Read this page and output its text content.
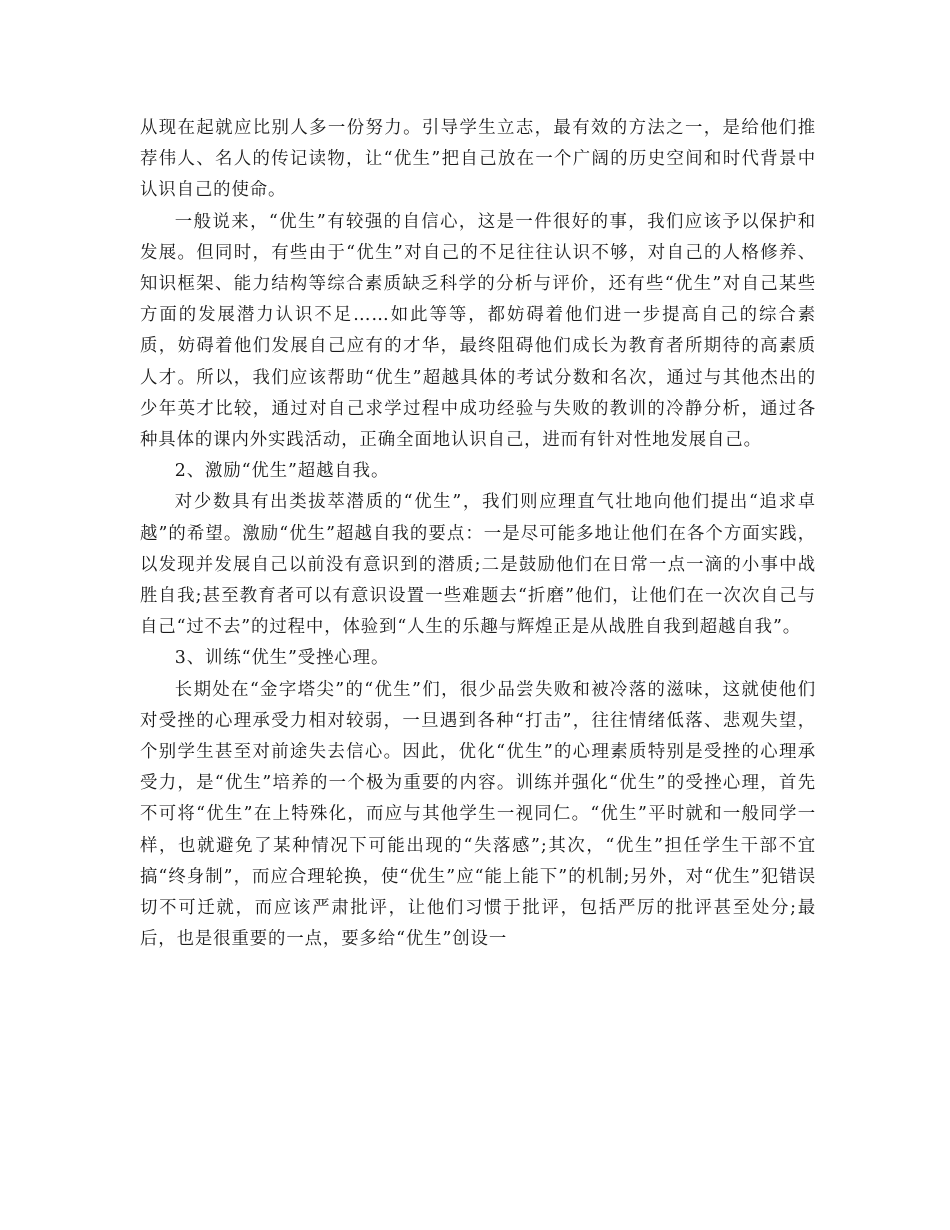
从现在起就应比别人多一份努力。引导学生立志，最有效的方法之一，是给他们推荐伟人、名人的传记读物，让“优生”把自己放在一个广阔的历史空间和时代背景中认识自己的使命。

一般说来，“优生”有较强的自信心，这是一件很好的事，我们应该予以保护和发展。但同时，有些由于“优生”对自己的不足往往认识不够，对自己的人格修养、知识框架、能力结构等综合素质缺乏科学的分析与评价，还有些“优生”对自己某些方面的发展潜力认识不足……如此等等，都妨碍着他们进一步提高自己的综合素质，妨碍着他们发展自己应有的才华，最终阻碍他们成长为教育者所期待的高素质人才。所以，我们应该帮助“优生”超越具体的考试分数和名次，通过与其他杰出的少年英才比较，通过对自己求学过程中成功经验与失败的教训的冷静分析，通过各种具体的课内外实践活动，正确全面地认识自己，进而有针对性地发展自己。

2、激励“优生”超越自我。

对少数具有出类拔萃潜质的“优生”，我们则应理直气壮地向他们提出“追求卓越”的希望。激励“优生”超越自我的要点：一是尽可能多地让他们在各个方面实践，以发现并发展自己以前没有意识到的潜质;二是鼓励他们在日常一点一滴的小事中战胜自我;甚至教育者可以有意识设置一些难题去“折磨”他们，让他们在一次次自己与自己“过不去”的过程中，体验到“人生的乐趣与辉煌正是从战胜自我到超越自我”。

3、训练“优生”受挫心理。

长期处在“金字塔尖”的“优生”们，很少品尝失败和被冷落的滋味，这就使他们对受挫的心理承受力相对较弱，一旦遇到各种“打击”，往往情绪低落、悲观失望，个别学生甚至对前途失去信心。因此，优化“优生”的心理素质特别是受挫的心理承受力，是“优生”培养的一个极为重要的内容。训练并强化“优生”的受挫心理，首先不可将“优生”在上特殊化，而应与其他学生一视同仁。“优生”平时就和一般同学一样，也就避免了某种情况下可能出现的“失落感”;其次，“优生”担任学生干部不宜搞“终身制”，而应合理轮换，使“优生”应“能上能下”的机制;另外，对“优生”犯错误切不可迁就，而应该严肃批评，让他们习惯于批评，包括严厉的批评甚至处分;最后，也是很重要的一点，要多给“优生”创设一
